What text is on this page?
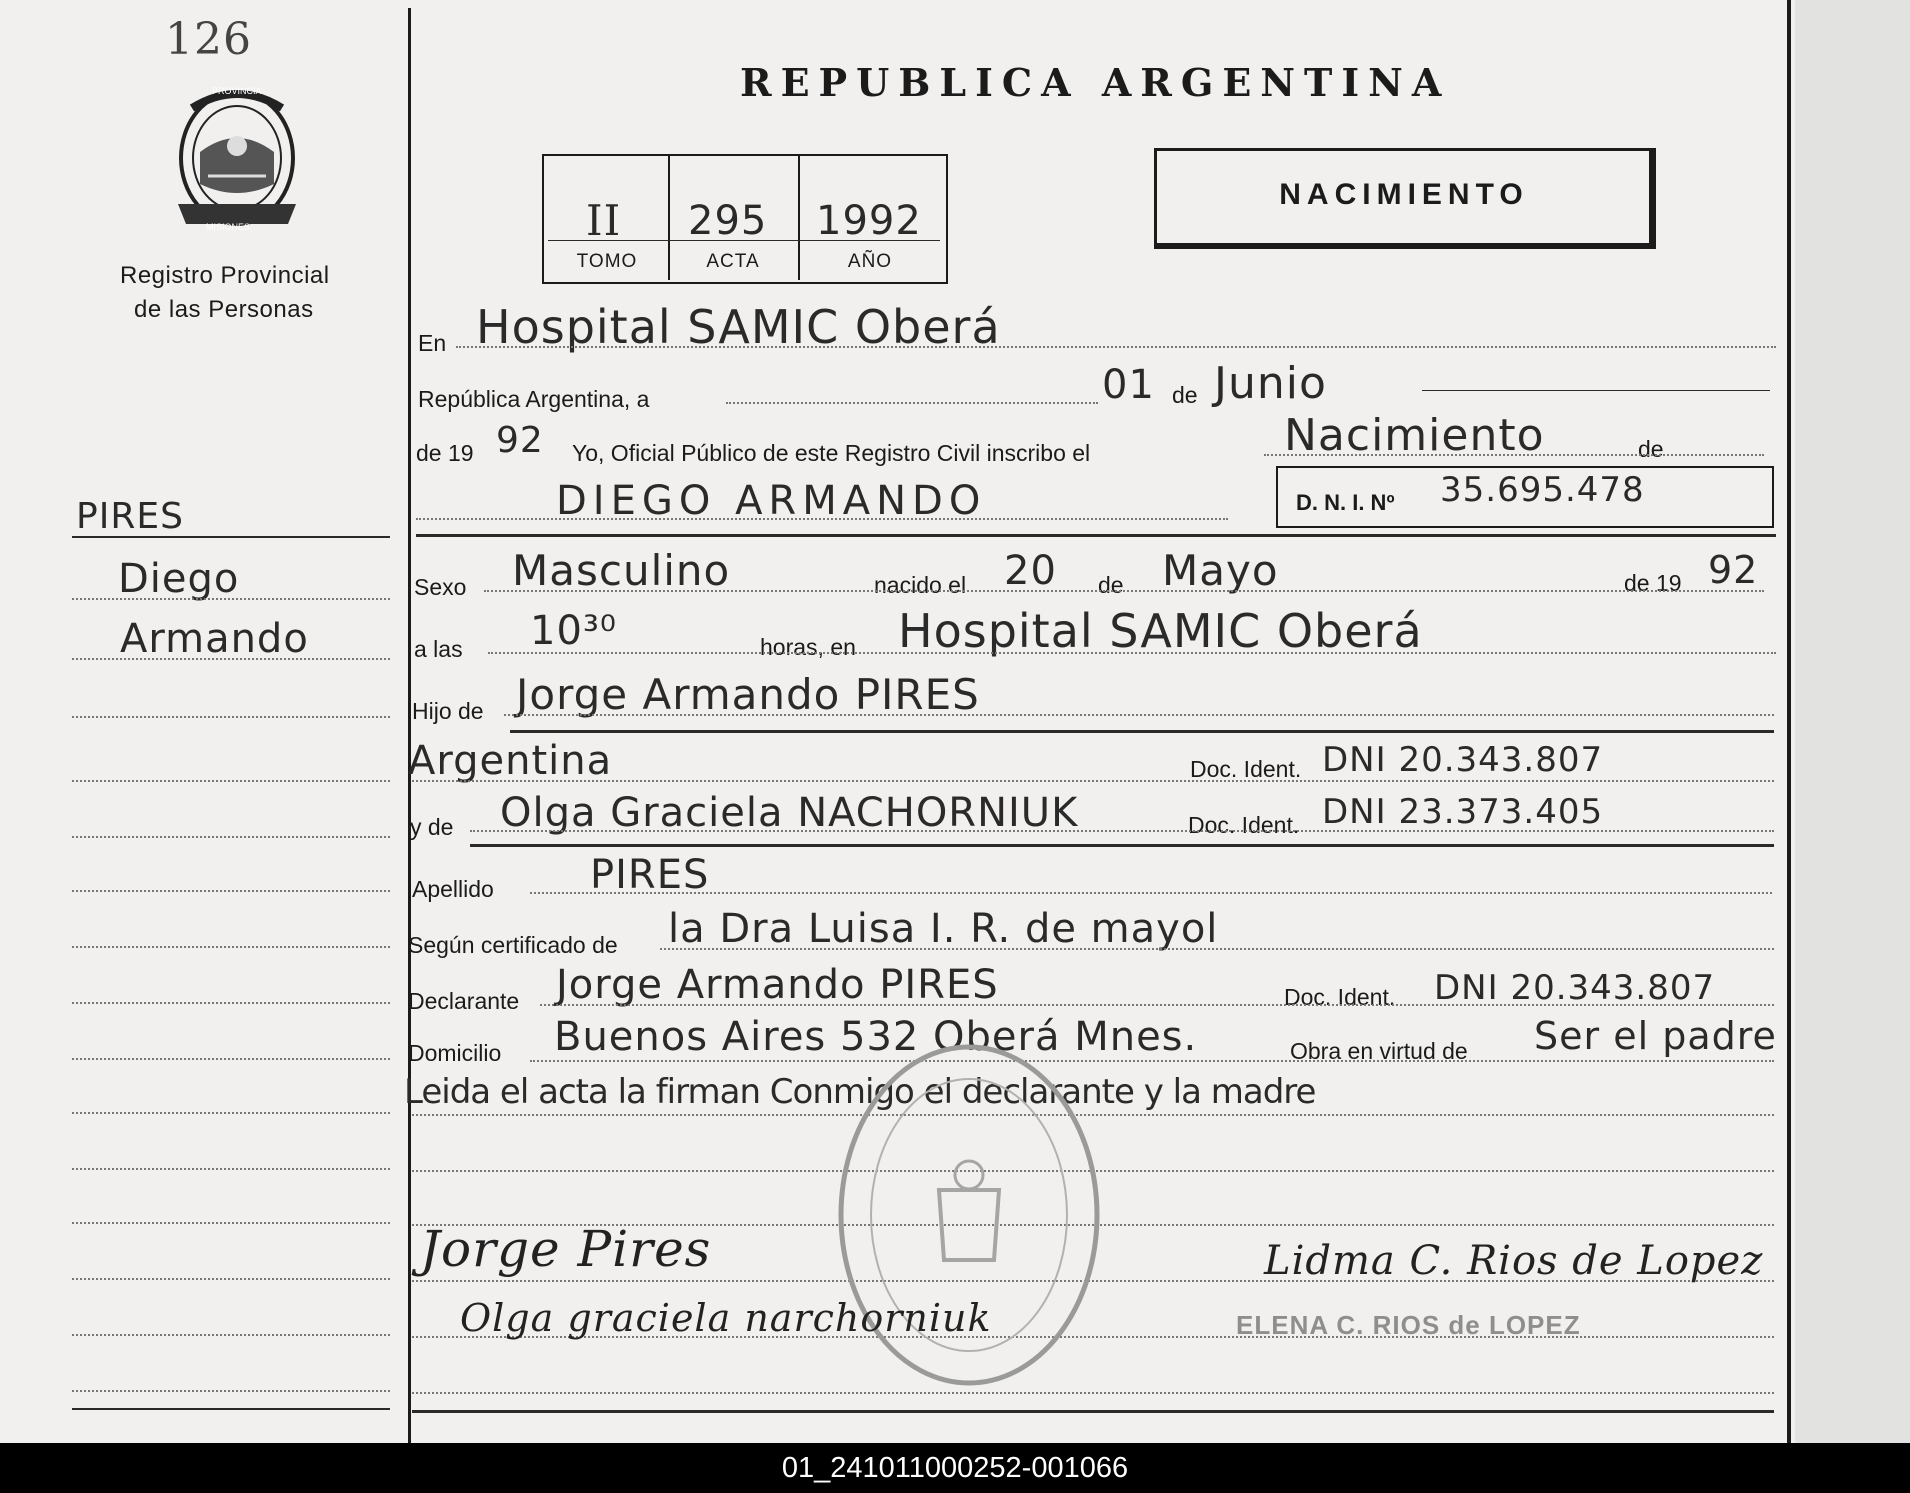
126
PROVINCIA
MISIONES
Registro Provincial
de las Personas
PIRES
Diego
Armando
REPUBLICA ARGENTINA
II 295 1992
TOMO	ACTA	AÑO
NACIMIENTO
En Hospital SAMIC Oberá
República Argentina, a	01 de Junio
de 19 92 Yo, Oficial Público de este Registro Civil inscribo el	Nacimiento	de
DIEGO ARMANDO	D. N. I. Nº 35.695.478
Sexo Masculino	nacido el 20 de Mayo	de 19 92
a las 10³⁰	horas, en Hospital SAMIC Oberá
Hijo de Jorge Armando PIRES
Argentina	Doc. Ident. DNI 20.343.807
y de Olga Graciela NACHORNIUK	Doc. Ident. DNI 23.373.405
Apellido PIRES
Según certificado de la Dra Luisa I. R. de mayol
Declarante Jorge Armando PIRES	Doc. Ident. DNI 20.343.807
Domicilio Buenos Aires 532 Oberá Mnes.	Obra en virtud de Ser el padre
Leida el acta la firman Conmigo el declarante y la madre
Jorge Pires
Olga graciela narchorniuk
Lidma C. Rios de Lopez
ELENA C. RIOS de LOPEZ
01_241011000252-001066
